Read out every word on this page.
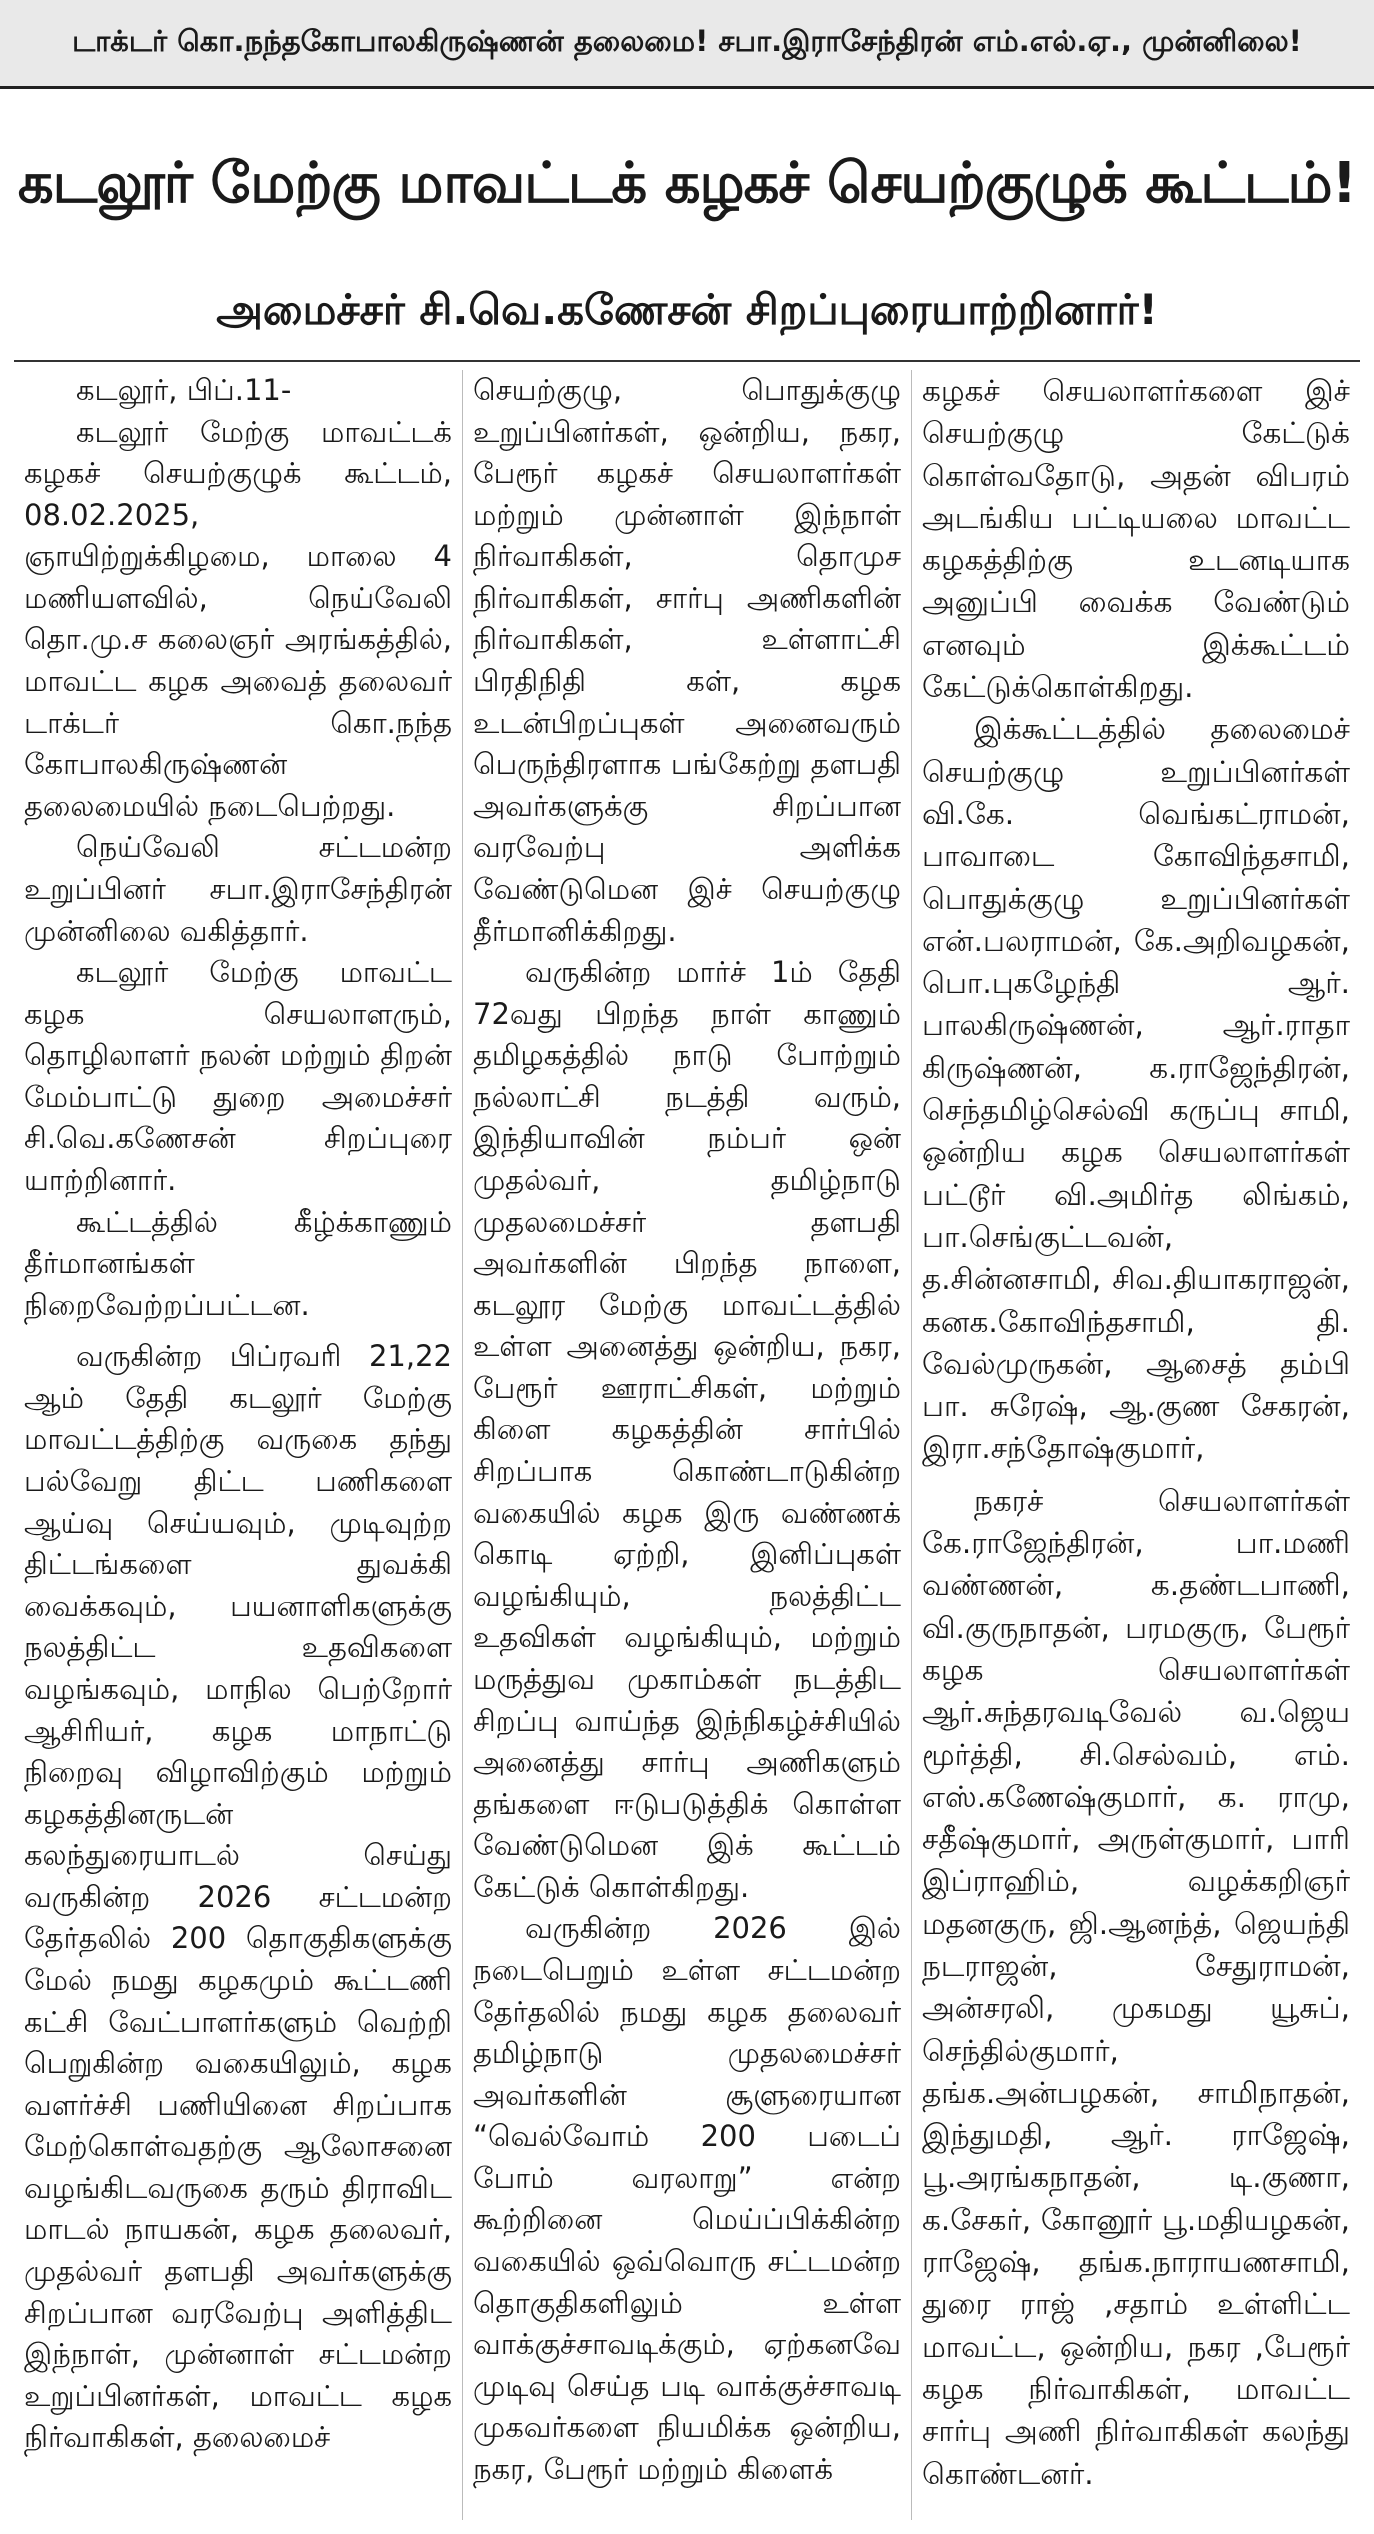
டாக்டர் கொ.நந்தகோபாலகிருஷ்ணன் தலைமை! சபா.இராசேந்திரன் எம்.எல்.ஏ., முன்னிலை!
கடலூர் மேற்கு மாவட்டக் கழகச் செயற்குழுக் கூட்டம்!
அமைச்சர் சி.வெ.கணேசன் சிறப்புரையாற்றினார்!

கடலூர், பிப்.11-

கடலூர் மேற்கு மாவட்டக் கழகச் செயற்குழுக் கூட்டம், 08.02.2025, ஞாயிற்றுக்கிழமை, மாலை 4 மணியளவில், நெய்வேலி தொ.மு.ச கலைஞர் அரங்கத்தில், மாவட்ட கழக அவைத் தலைவர் டாக்டர் கொ.நந்த கோபாலகிருஷ்ணன் தலைமையில் நடைபெற்றது.

நெய்வேலி சட்டமன்ற உறுப்பினர் சபா.இராசேந்திரன் முன்னிலை வகித்தார்.

கடலூர் மேற்கு மாவட்ட கழக செயலாளரும், தொழிலாளர் நலன் மற்றும் திறன் மேம்பாட்டு துறை அமைச்சர் சி.வெ.கணேசன் சிறப்புரை யாற்றினார்.

கூட்டத்தில் கீழ்க்காணும் தீர்மானங்கள் நிறைவேற்றப்பட்டன.

வருகின்ற பிப்ரவரி 21,22 ஆம் தேதி கடலூர் மேற்கு மாவட்டத்திற்கு வருகை தந்து பல்வேறு திட்ட பணிகளை ஆய்வு செய்யவும், முடிவுற்ற திட்டங்களை துவக்கி வைக்கவும், பயனாளிகளுக்கு நலத்திட்ட உதவிகளை வழங்கவும், மாநில பெற்றோர் ஆசிரியர், கழக மாநாட்டு நிறைவு விழாவிற்கும் மற்றும் கழகத்தினருடன் கலந்துரையாடல் செய்து வருகின்ற 2026 சட்டமன்ற தேர்தலில் 200 தொகுதிகளுக்கு மேல் நமது கழகமும் கூட்டணி கட்சி வேட்பாளர்களும் வெற்றி பெறுகின்ற வகையிலும், கழக வளர்ச்சி பணியினை சிறப்பாக மேற்கொள்வதற்கு ஆலோசனை வழங்கிடவருகை தரும் திராவிட மாடல் நாயகன், கழக தலைவர், முதல்வர் தளபதி அவர்களுக்கு சிறப்பான வரவேற்பு அளித்திட இந்நாள், முன்னாள் சட்டமன்ற உறுப்பினர்கள், மாவட்ட கழக நிர்வாகிகள், தலைமைச்

செயற்குழு, பொதுக்குழு உறுப்பினர்கள், ஒன்றிய, நகர, பேரூர் கழகச் செயலாளர்கள் மற்றும் முன்னாள் இந்நாள் நிர்வாகிகள், தொமுச நிர்வாகிகள், சார்பு அணிகளின் நிர்வாகிகள், உள்ளாட்சி பிரதிநிதி கள், கழக உடன்பிறப்புகள் அனைவரும் பெருந்திரளாக பங்கேற்று தளபதி அவர்களுக்கு சிறப்பான வரவேற்பு அளிக்க வேண்டுமென இச் செயற்குழு தீர்மானிக்கிறது.

வருகின்ற மார்ச் 1ம் தேதி 72வது பிறந்த நாள் காணும் தமிழகத்தில் நாடு போற்றும் நல்லாட்சி நடத்தி வரும், இந்தியாவின் நம்பர் ஒன் முதல்வர், தமிழ்நாடு முதலமைச்சர் தளபதி அவர்களின் பிறந்த நாளை, கடலூர மேற்கு மாவட்டத்தில் உள்ள அனைத்து ஒன்றிய, நகர, பேரூர் ஊராட்சிகள், மற்றும் கிளை கழகத்தின் சார்பில் சிறப்பாக கொண்டாடுகின்ற வகையில் கழக இரு வண்ணக் கொடி ஏற்றி, இனிப்புகள் வழங்கியும், நலத்திட்ட உதவிகள் வழங்கியும், மற்றும் மருத்துவ முகாம்கள் நடத்திட சிறப்பு வாய்ந்த இந்நிகழ்ச்சியில் அனைத்து சார்பு அணிகளும் தங்களை ஈடுபடுத்திக் கொள்ள வேண்டுமென இக் கூட்டம் கேட்டுக் கொள்கிறது.

வருகின்ற 2026 இல் நடைபெறும் உள்ள சட்டமன்ற தேர்தலில் நமது கழக தலைவர் தமிழ்நாடு முதலமைச்சர் அவர்களின் சூளுரையான “வெல்வோம் 200 படைப் போம் வரலாறு” என்ற கூற்றினை மெய்ப்பிக்கின்ற வகையில் ஒவ்வொரு சட்டமன்ற தொகுதிகளிலும் உள்ள வாக்குச்சாவடிக்கும், ஏற்கனவே முடிவு செய்த படி வாக்குச்சாவடி முகவர்களை நியமிக்க ஒன்றிய, நகர, பேரூர் மற்றும் கிளைக்

கழகச் செயலாளர்களை இச் செயற்குழு கேட்டுக் கொள்வதோடு, அதன் விபரம் அடங்கிய பட்டியலை மாவட்ட கழகத்திற்கு உடனடியாக அனுப்பி வைக்க வேண்டும் எனவும் இக்கூட்டம் கேட்டுக்கொள்கிறது.

இக்கூட்டத்தில் தலைமைச் செயற்குழு உறுப்பினர்கள் வி.கே. வெங்கட்ராமன், பாவாடை கோவிந்தசாமி, பொதுக்குழு உறுப்பினர்கள் என்.பலராமன், கே.அறிவழகன், பொ.புகழேந்தி ஆர். பாலகிருஷ்ணன், ஆர்.ராதா கிருஷ்ணன், க.ராஜேந்திரன், செந்தமிழ்செல்வி கருப்பு சாமி, ஒன்றிய கழக செயலாளர்கள் பட்டூர் வி.அமிர்த லிங்கம், பா.செங்குட்டவன், த.சின்னசாமி, சிவ.தியாகராஜன், கனக.கோவிந்தசாமி, தி. வேல்முருகன், ஆசைத் தம்பி பா. சுரேஷ், ஆ.குண சேகரன், இரா.சந்தோஷ்குமார்,

நகரச் செயலாளர்கள் கே.ராஜேந்திரன், பா.மணி வண்ணன், க.தண்டபாணி, வி.குருநாதன், பரமகுரு, பேரூர் கழக செயலாளர்கள் ஆர்.சுந்தரவடிவேல் வ.ஜெய மூர்த்தி, சி.செல்வம், எம். எஸ்.கணேஷ்குமார், க. ராமு, சதீஷ்குமார், அருள்குமார், பாரி இப்ராஹிம், வழக்கறிஞர் மதனகுரு, ஜி.ஆனந்த், ஜெயந்தி நடராஜன், சேதுராமன், அன்சரலி, முகமது யூசுப், செந்தில்குமார், தங்க.அன்பழகன், சாமிநாதன், இந்துமதி, ஆர். ராஜேஷ், பூ.அரங்கநாதன், டி.குணா, க.சேகர், கோனூர் பூ.மதியழகன், ராஜேஷ், தங்க.நாராயணசாமி, துரை ராஜ் ,சதாம் உள்ளிட்ட மாவட்ட, ஒன்றிய, நகர ,பேரூர் கழக நிர்வாகிகள், மாவட்ட சார்பு அணி நிர்வாகிகள் கலந்து கொண்டனர்.
